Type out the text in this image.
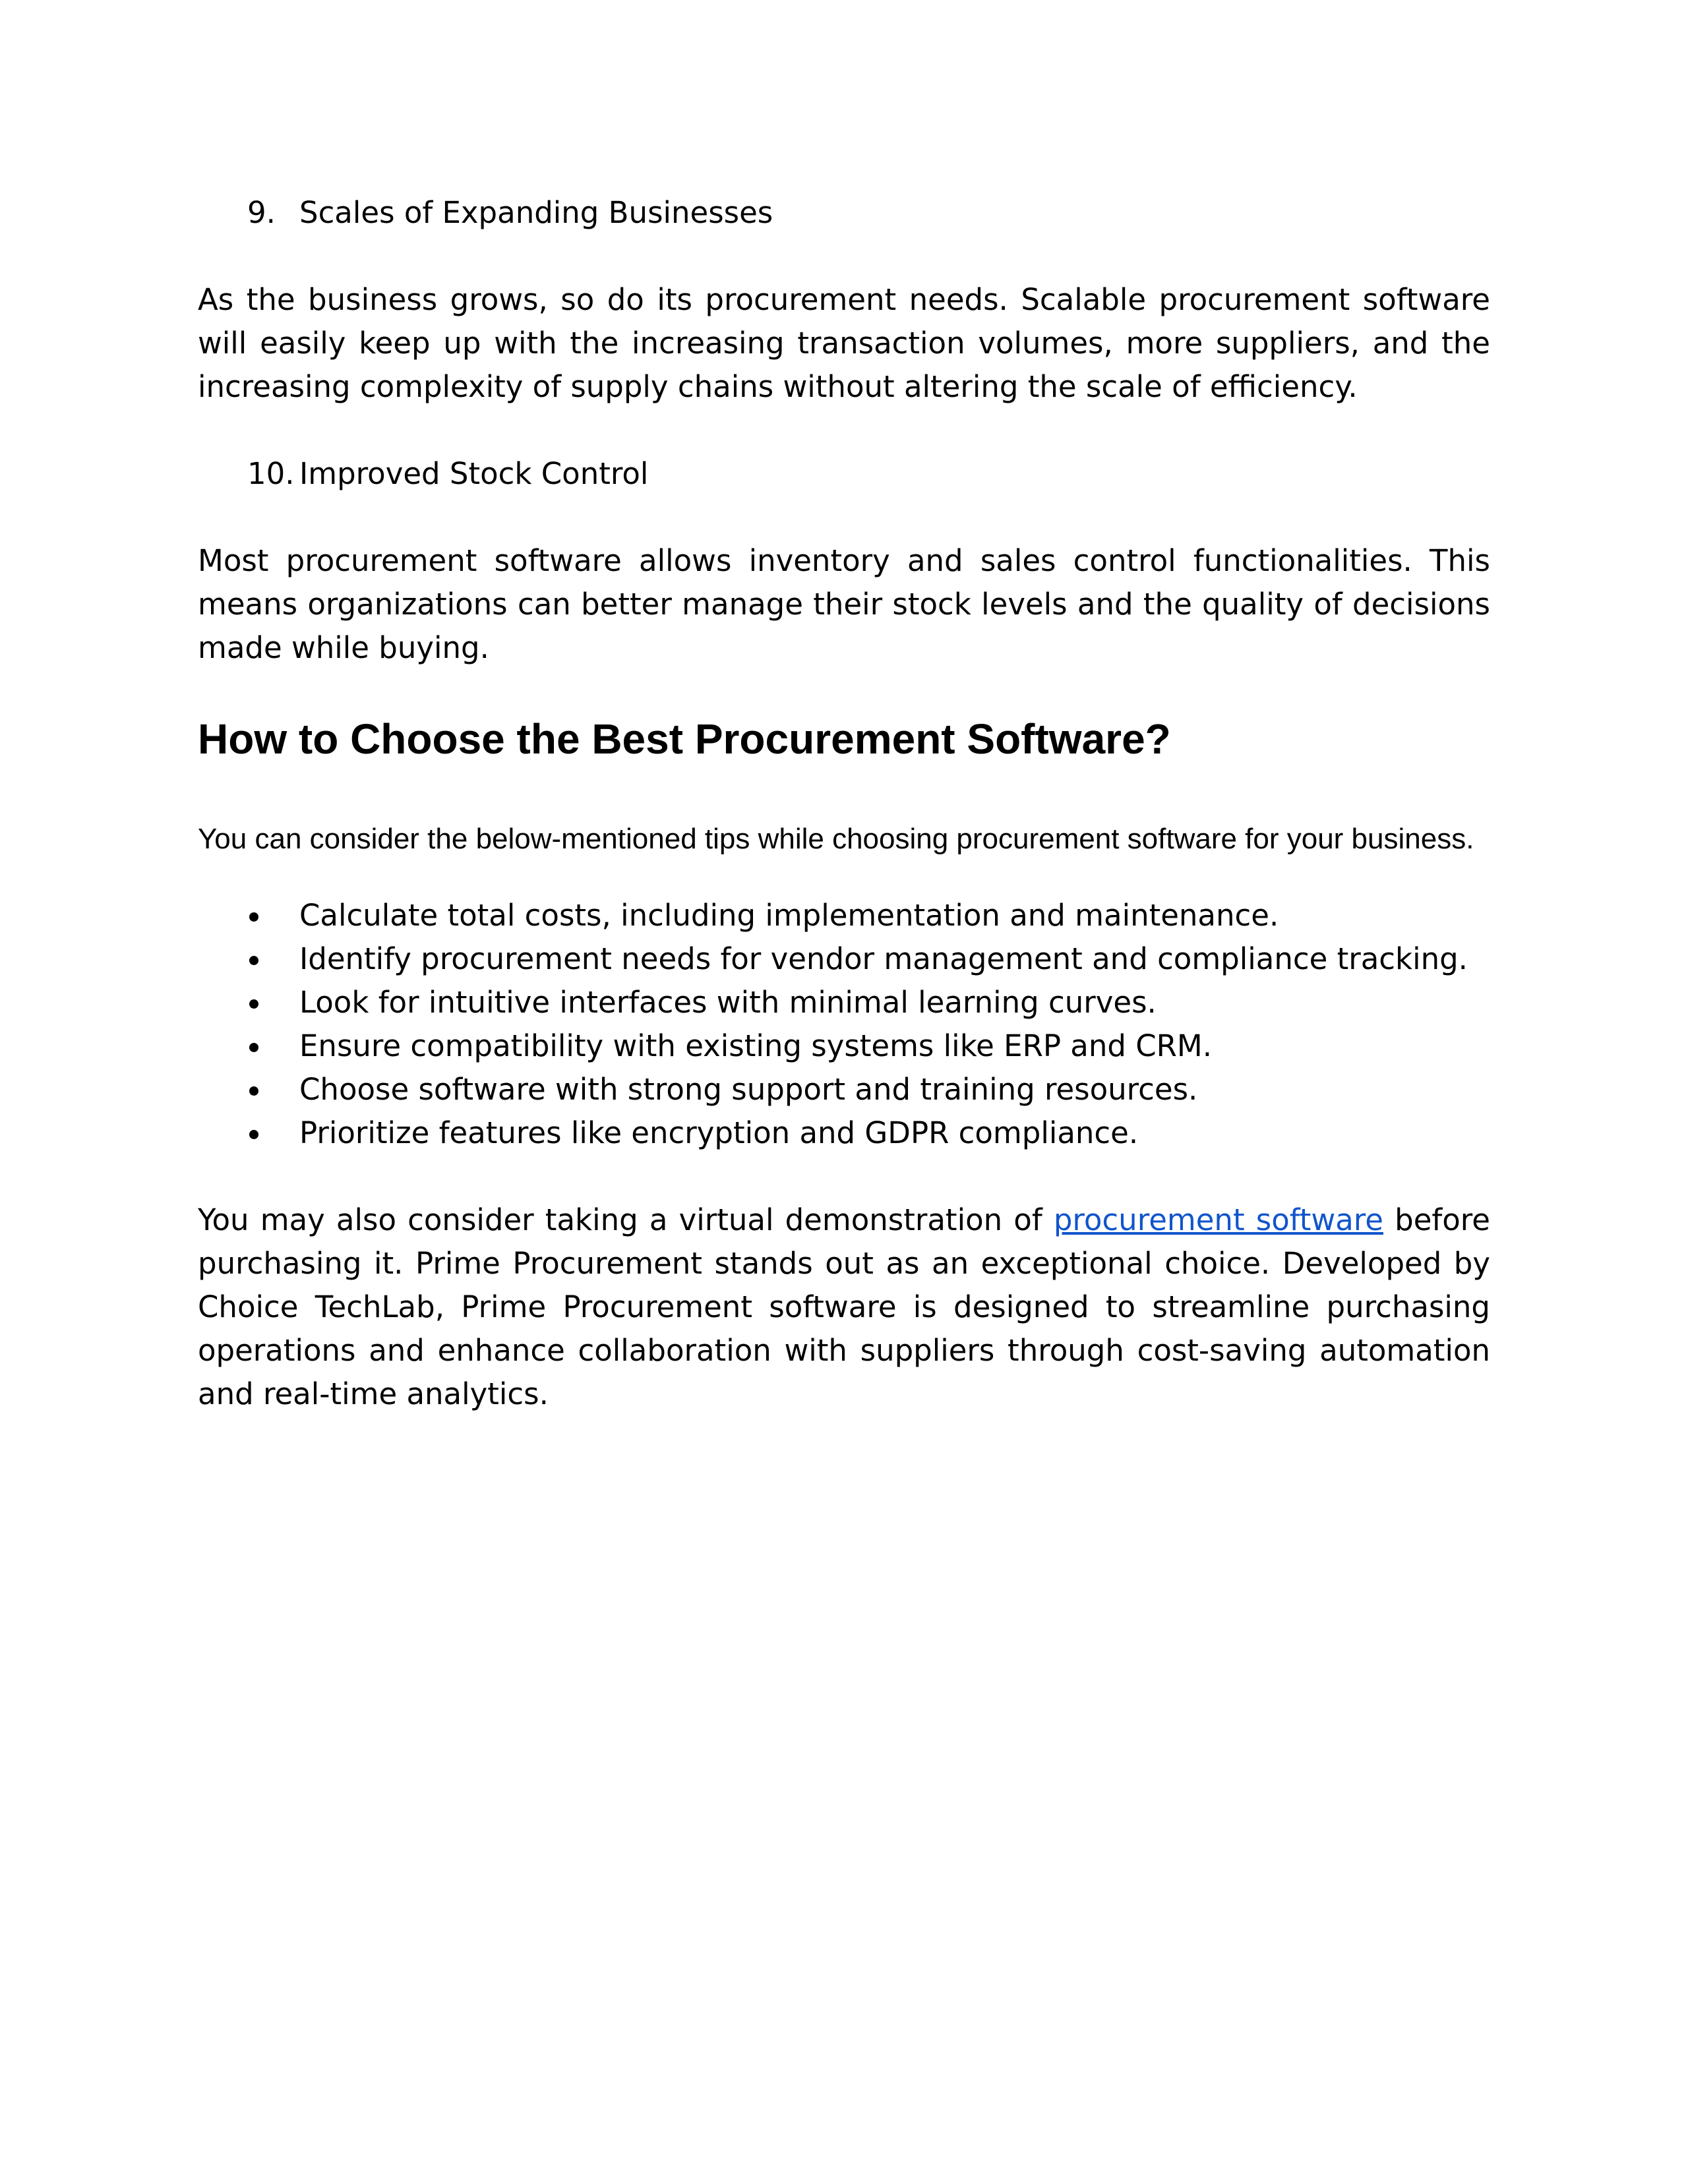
9. Scales of Expanding Businesses

As the business grows, so do its procurement needs. Scalable procurement software will easily keep up with the increasing transaction volumes, more suppliers, and the increasing complexity of supply chains without altering the scale of efficiency.

10. Improved Stock Control

Most procurement software allows inventory and sales control functionalities. This means organizations can better manage their stock levels and the quality of decisions made while buying.

How to Choose the Best Procurement Software?

You can consider the below-mentioned tips while choosing procurement software for your business.

Calculate total costs, including implementation and maintenance.
Identify procurement needs for vendor management and compliance tracking.
Look for intuitive interfaces with minimal learning curves.
Ensure compatibility with existing systems like ERP and CRM.
Choose software with strong support and training resources.
Prioritize features like encryption and GDPR compliance.

You may also consider taking a virtual demonstration of procurement software before purchasing it. Prime Procurement stands out as an exceptional choice. Developed by Choice TechLab, Prime Procurement software is designed to streamline purchasing operations and enhance collaboration with suppliers through cost-saving automation and real-time analytics.
